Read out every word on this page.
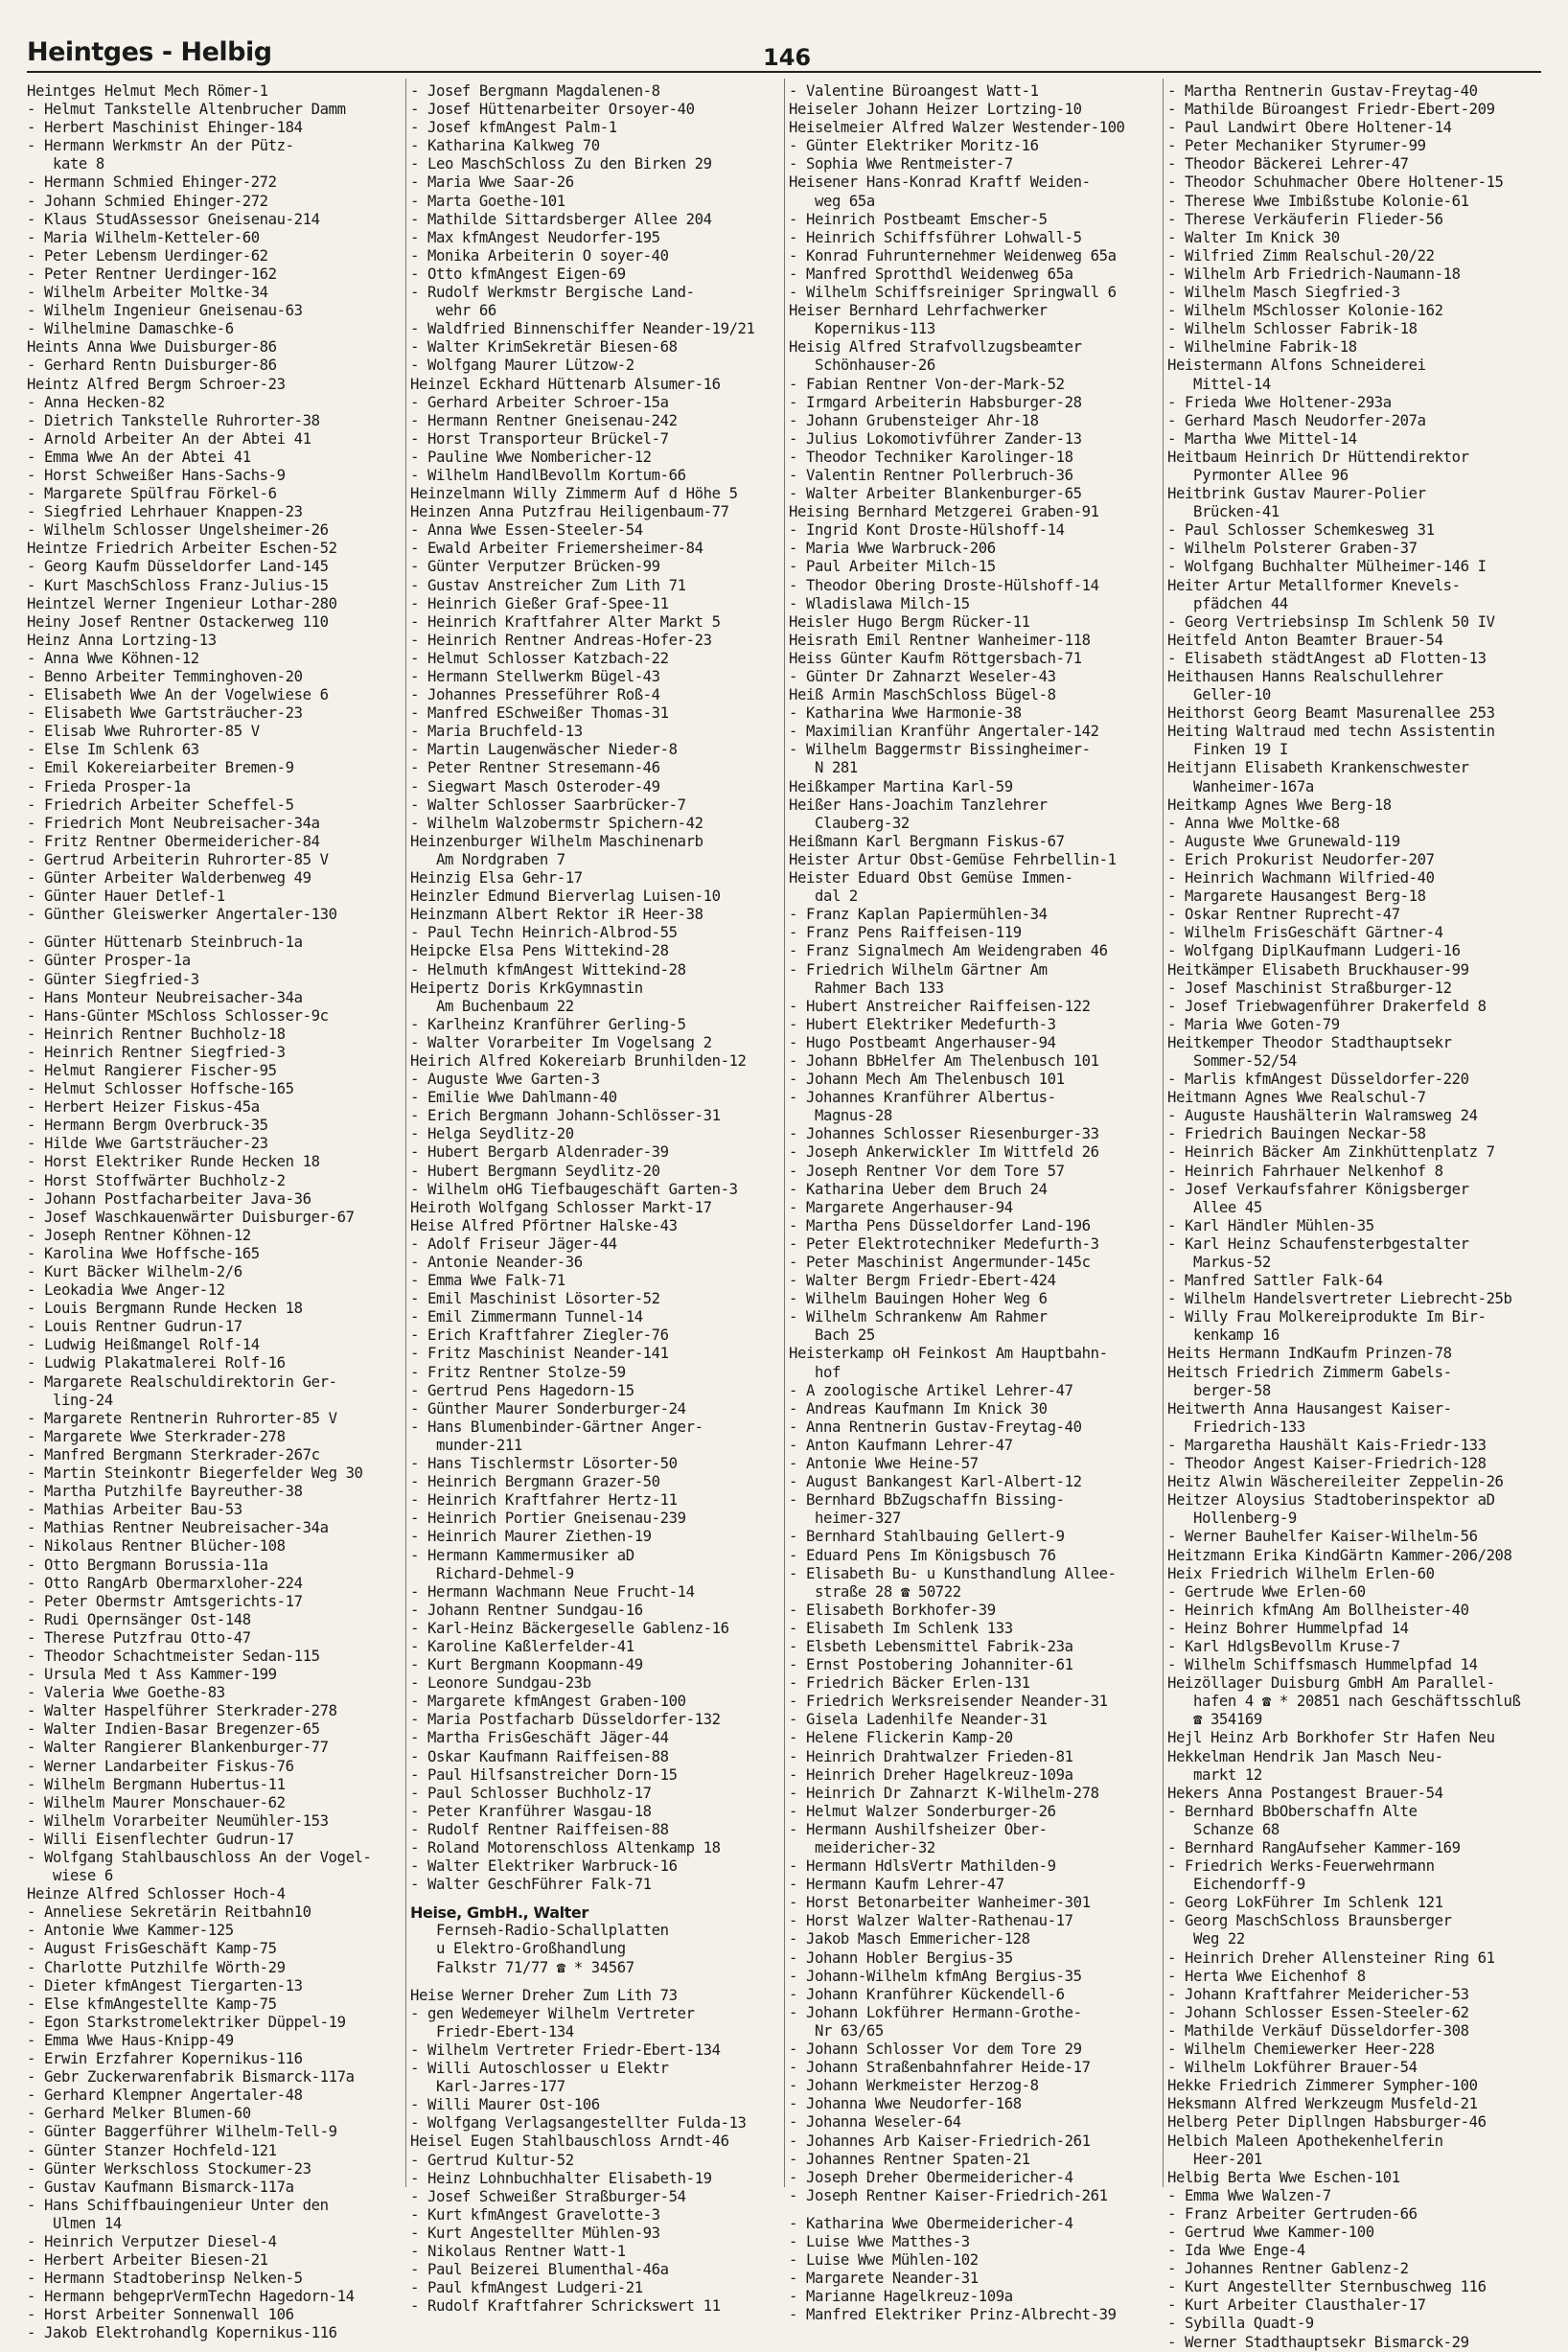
Heintges - Helbig	146
Heintges Helmut Mech Römer-1
- Helmut Tankstelle Altenbrucher Damm
- Herbert Maschinist Ehinger-184
- Hermann Werkmstr An der Pütz-
kate 8
- Hermann Schmied Ehinger-272
- Johann Schmied Ehinger-272
- Klaus StudAssessor Gneisenau-214
- Maria Wilhelm-Ketteler-60
- Peter Lebensm Uerdinger-62
- Peter Rentner Uerdinger-162
- Wilhelm Arbeiter Moltke-34
- Wilhelm Ingenieur Gneisenau-63
- Wilhelmine Damaschke-6
Heints Anna Wwe Duisburger-86
- Gerhard Rentn Duisburger-86
Heintz Alfred Bergm Schroer-23
- Anna Hecken-82
- Dietrich Tankstelle Ruhrorter-38
- Arnold Arbeiter An der Abtei 41
- Emma Wwe An der Abtei 41
- Horst Schweißer Hans-Sachs-9
- Margarete Spülfrau Förkel-6
- Siegfried Lehrhauer Knappen-23
- Wilhelm Schlosser Ungelsheimer-26
Heintze Friedrich Arbeiter Eschen-52
- Georg Kaufm Düsseldorfer Land-145
- Kurt MaschSchloss Franz-Julius-15
Heintzel Werner Ingenieur Lothar-280
Heiny Josef Rentner Ostackerweg 110
Heinz Anna Lortzing-13
- Anna Wwe Köhnen-12
- Benno Arbeiter Temminghoven-20
- Elisabeth Wwe An der Vogelwiese 6
- Elisabeth Wwe Gartsträucher-23
- Elisab Wwe Ruhrorter-85 V
- Else Im Schlenk 63
- Emil Kokereiarbeiter Bremen-9
- Frieda Prosper-1a
- Friedrich Arbeiter Scheffel-5
- Friedrich Mont Neubreisacher-34a
- Fritz Rentner Obermeidericher-84
- Gertrud Arbeiterin Ruhrorter-85 V
- Günter Arbeiter Walderbenweg 49
- Günter Hauer Detlef-1
- Günther Gleiswerker Angertaler-130
- Günter Hüttenarb Steinbruch-1a
- Günter Prosper-1a
- Günter Siegfried-3
- Hans Monteur Neubreisacher-34a
- Hans-Günter MSchloss Schlosser-9c
- Heinrich Rentner Buchholz-18
- Heinrich Rentner Siegfried-3
- Helmut Rangierer Fischer-95
- Helmut Schlosser Hoffsche-165
- Herbert Heizer Fiskus-45a
- Hermann Bergm Overbruck-35
- Hilde Wwe Gartsträucher-23
- Horst Elektriker Runde Hecken 18
- Horst Stoffwärter Buchholz-2
- Johann Postfacharbeiter Java-36
- Josef Waschkauenwärter Duisburger-67
- Joseph Rentner Köhnen-12
- Karolina Wwe Hoffsche-165
- Kurt Bäcker Wilhelm-2/6
- Leokadia Wwe Anger-12
- Louis Bergmann Runde Hecken 18
- Louis Rentner Gudrun-17
- Ludwig Heißmangel Rolf-14
- Ludwig Plakatmalerei Rolf-16
- Margarete Realschuldirektorin Ger-
ling-24
- Margarete Rentnerin Ruhrorter-85 V
- Margarete Wwe Sterkrader-278
- Manfred Bergmann Sterkrader-267c
- Martin Steinkontr Biegerfelder Weg 30
- Martha Putzhilfe Bayreuther-38
- Mathias Arbeiter Bau-53
- Mathias Rentner Neubreisacher-34a
- Nikolaus Rentner Blücher-108
- Otto Bergmann Borussia-11a
- Otto RangArb Obermarxloher-224
- Peter Obermstr Amtsgerichts-17
- Rudi Opernsänger Ost-148
- Therese Putzfrau Otto-47
- Theodor Schachtmeister Sedan-115
- Ursula Med t Ass Kammer-199
- Valeria Wwe Goethe-83
- Walter Haspelführer Sterkrader-278
- Walter Indien-Basar Bregenzer-65
- Walter Rangierer Blankenburger-77
- Werner Landarbeiter Fiskus-76
- Wilhelm Bergmann Hubertus-11
- Wilhelm Maurer Monschauer-62
- Wilhelm Vorarbeiter Neumühler-153
- Willi Eisenflechter Gudrun-17
- Wolfgang Stahlbauschloss An der Vogel-
wiese 6
Heinze Alfred Schlosser Hoch-4
- Anneliese Sekretärin Reitbahn10
- Antonie Wwe Kammer-125
- August FrisGeschäft Kamp-75
- Charlotte Putzhilfe Wörth-29
- Dieter kfmAngest Tiergarten-13
- Else kfmAngestellte Kamp-75
- Egon Starkstromelektriker Düppel-19
- Emma Wwe Haus-Knipp-49
- Erwin Erzfahrer Kopernikus-116
- Gebr Zuckerwarenfabrik Bismarck-117a
- Gerhard Klempner Angertaler-48
- Gerhard Melker Blumen-60
- Günter Baggerführer Wilhelm-Tell-9
- Günter Stanzer Hochfeld-121
- Günter Werkschloss Stockumer-23
- Gustav Kaufmann Bismarck-117a
- Hans Schiffbauingenieur Unter den
Ulmen 14
- Heinrich Verputzer Diesel-4
- Herbert Arbeiter Biesen-21
- Hermann Stadtoberinsp Nelken-5
- Hermann behgeprVermTechn Hagedorn-14
- Horst Arbeiter Sonnenwall 106
- Jakob Elektrohandlg Kopernikus-116
- Josef Bergmann Magdalenen-8
- Josef Hüttenarbeiter Orsoyer-40
- Josef kfmAngest Palm-1
- Katharina Kalkweg 70
- Leo MaschSchloss Zu den Birken 29
- Maria Wwe Saar-26
- Marta Goethe-101
- Mathilde Sittardsberger Allee 204
- Max kfmAngest Neudorfer-195
- Monika Arbeiterin O soyer-40
- Otto kfmAngest Eigen-69
- Rudolf Werkmstr Bergische Land-
wehr 66
- Waldfried Binnenschiffer Neander-19/21
- Walter KrimSekretär Biesen-68
- Wolfgang Maurer Lützow-2
Heinzel Eckhard Hüttenarb Alsumer-16
- Gerhard Arbeiter Schroer-15a
- Hermann Rentner Gneisenau-242
- Horst Transporteur Brückel-7
- Pauline Wwe Nombericher-12
- Wilhelm HandlBevollm Kortum-66
Heinzelmann Willy Zimmerm Auf d Höhe 5
Heinzen Anna Putzfrau Heiligenbaum-77
- Anna Wwe Essen-Steeler-54
- Ewald Arbeiter Friemersheimer-84
- Günter Verputzer Brücken-99
- Gustav Anstreicher Zum Lith 71
- Heinrich Gießer Graf-Spee-11
- Heinrich Kraftfahrer Alter Markt 5
- Heinrich Rentner Andreas-Hofer-23
- Helmut Schlosser Katzbach-22
- Hermann Stellwerkm Bügel-43
- Johannes Presseführer Roß-4
- Manfred ESchweißer Thomas-31
- Maria Bruchfeld-13
- Martin Laugenwäscher Nieder-8
- Peter Rentner Stresemann-46
- Siegwart Masch Osteroder-49
- Walter Schlosser Saarbrücker-7
- Wilhelm Walzobermstr Spichern-42
Heinzenburger Wilhelm Maschinenarb
Am Nordgraben 7
Heinzig Elsa Gehr-17
Heinzler Edmund Bierverlag Luisen-10
Heinzmann Albert Rektor iR Heer-38
- Paul Techn Heinrich-Albrod-55
Heipcke Elsa Pens Wittekind-28
- Helmuth kfmAngest Wittekind-28
Heipertz Doris KrkGymnastin
Am Buchenbaum 22
- Karlheinz Kranführer Gerling-5
- Walter Vorarbeiter Im Vogelsang 2
Heirich Alfred Kokereiarb Brunhilden-12
- Auguste Wwe Garten-3
- Emilie Wwe Dahlmann-40
- Erich Bergmann Johann-Schlösser-31
- Helga Seydlitz-20
- Hubert Bergarb Aldenrader-39
- Hubert Bergmann Seydlitz-20
- Wilhelm oHG Tiefbaugeschäft Garten-3
Heiroth Wolfgang Schlosser Markt-17
Heise Alfred Pförtner Halske-43
- Adolf Friseur Jäger-44
- Antonie Neander-36
- Emma Wwe Falk-71
- Emil Maschinist Lösorter-52
- Emil Zimmermann Tunnel-14
- Erich Kraftfahrer Ziegler-76
- Fritz Maschinist Neander-141
- Fritz Rentner Stolze-59
- Gertrud Pens Hagedorn-15
- Günther Maurer Sonderburger-24
- Hans Blumenbinder-Gärtner Anger-
munder-211
- Hans Tischlermstr Lösorter-50
- Heinrich Bergmann Grazer-50
- Heinrich Kraftfahrer Hertz-11
- Heinrich Portier Gneisenau-239
- Heinrich Maurer Ziethen-19
- Hermann Kammermusiker aD
Richard-Dehmel-9
- Hermann Wachmann Neue Frucht-14
- Johann Rentner Sundgau-16
- Karl-Heinz Bäckergeselle Gablenz-16
- Karoline Kaßlerfelder-41
- Kurt Bergmann Koopmann-49
- Leonore Sundgau-23b
- Margarete kfmAngest Graben-100
- Maria Postfacharb Düsseldorfer-132
- Martha FrisGeschäft Jäger-44
- Oskar Kaufmann Raiffeisen-88
- Paul Hilfsanstreicher Dorn-15
- Paul Schlosser Buchholz-17
- Peter Kranführer Wasgau-18
- Rudolf Rentner Raiffeisen-88
- Roland Motorenschloss Altenkamp 18
- Walter Elektriker Warbruck-16
- Walter GeschFührer Falk-71
Heise, GmbH., Walter
Fernseh-Radio-Schallplatten
u Elektro-Großhandlung
Falkstr 71/77 ☎ * 34567
Heise Werner Dreher Zum Lith 73
- gen Wedemeyer Wilhelm Vertreter
Friedr-Ebert-134
- Wilhelm Vertreter Friedr-Ebert-134
- Willi Autoschlosser u Elektr
Karl-Jarres-177
- Willi Maurer Ost-106
- Wolfgang Verlagsangestellter Fulda-13
Heisel Eugen Stahlbauschloss Arndt-46
- Gertrud Kultur-52
- Heinz Lohnbuchhalter Elisabeth-19
- Josef Schweißer Straßburger-54
- Kurt kfmAngest Gravelotte-3
- Kurt Angestellter Mühlen-93
- Nikolaus Rentner Watt-1
- Paul Beizerei Blumenthal-46a
- Paul kfmAngest Ludgeri-21
- Rudolf Kraftfahrer Schrickswert 11
- Valentine Büroangest Watt-1
Heiseler Johann Heizer Lortzing-10
Heiselmeier Alfred Walzer Westender-100
- Günter Elektriker Moritz-16
- Sophia Wwe Rentmeister-7
Heisener Hans-Konrad Kraftf Weiden-
weg 65a
- Heinrich Postbeamt Emscher-5
- Heinrich Schiffsführer Lohwall-5
- Konrad Fuhrunternehmer Weidenweg 65a
- Manfred Sprotthdl Weidenweg 65a
- Wilhelm Schiffsreiniger Springwall 6
Heiser Bernhard Lehrfachwerker
Kopernikus-113
Heisig Alfred Strafvollzugsbeamter
Schönhauser-26
- Fabian Rentner Von-der-Mark-52
- Irmgard Arbeiterin Habsburger-28
- Johann Grubensteiger Ahr-18
- Julius Lokomotivführer Zander-13
- Theodor Techniker Karolinger-18
- Valentin Rentner Pollerbruch-36
- Walter Arbeiter Blankenburger-65
Heising Bernhard Metzgerei Graben-91
- Ingrid Kont Droste-Hülshoff-14
- Maria Wwe Warbruck-206
- Paul Arbeiter Milch-15
- Theodor Obering Droste-Hülshoff-14
- Wladislawa Milch-15
Heisler Hugo Bergm Rücker-11
Heisrath Emil Rentner Wanheimer-118
Heiss Günter Kaufm Röttgersbach-71
- Günter Dr Zahnarzt Weseler-43
Heiß Armin MaschSchloss Bügel-8
- Katharina Wwe Harmonie-38
- Maximilian Kranführ Angertaler-142
- Wilhelm Baggermstr Bissingheimer-
N 281
Heißkamper Martina Karl-59
Heißer Hans-Joachim Tanzlehrer
Clauberg-32
Heißmann Karl Bergmann Fiskus-67
Heister Artur Obst-Gemüse Fehrbellin-1
Heister Eduard Obst Gemüse Immen-
dal 2
- Franz Kaplan Papiermühlen-34
- Franz Pens Raiffeisen-119
- Franz Signalmech Am Weidengraben 46
- Friedrich Wilhelm Gärtner Am
Rahmer Bach 133
- Hubert Anstreicher Raiffeisen-122
- Hubert Elektriker Medefurth-3
- Hugo Postbeamt Angerhauser-94
- Johann BbHelfer Am Thelenbusch 101
- Johann Mech Am Thelenbusch 101
- Johannes Kranführer Albertus-
Magnus-28
- Johannes Schlosser Riesenburger-33
- Joseph Ankerwickler Im Wittfeld 26
- Joseph Rentner Vor dem Tore 57
- Katharina Ueber dem Bruch 24
- Margarete Angerhauser-94
- Martha Pens Düsseldorfer Land-196
- Peter Elektrotechniker Medefurth-3
- Peter Maschinist Angermunder-145c
- Walter Bergm Friedr-Ebert-424
- Wilhelm Bauingen Hoher Weg 6
- Wilhelm Schrankenw Am Rahmer
Bach 25
Heisterkamp oH Feinkost Am Hauptbahn-
hof
- A zoologische Artikel Lehrer-47
- Andreas Kaufmann Im Knick 30
- Anna Rentnerin Gustav-Freytag-40
- Anton Kaufmann Lehrer-47
- Antonie Wwe Heine-57
- August Bankangest Karl-Albert-12
- Bernhard BbZugschaffn Bissing-
heimer-327
- Bernhard Stahlbauing Gellert-9
- Eduard Pens Im Königsbusch 76
- Elisabeth Bu- u Kunsthandlung Allee-
straße 28 ☎ 50722
- Elisabeth Borkhofer-39
- Elisabeth Im Schlenk 133
- Elsbeth Lebensmittel Fabrik-23a
- Ernst Postobering Johanniter-61
- Friedrich Bäcker Erlen-131
- Friedrich Werksreisender Neander-31
- Gisela Ladenhilfe Neander-31
- Helene Flickerin Kamp-20
- Heinrich Drahtwalzer Frieden-81
- Heinrich Dreher Hagelkreuz-109a
- Heinrich Dr Zahnarzt K-Wilhelm-278
- Helmut Walzer Sonderburger-26
- Hermann Aushilfsheizer Ober-
meidericher-32
- Hermann HdlsVertr Mathilden-9
- Hermann Kaufm Lehrer-47
- Horst Betonarbeiter Wanheimer-301
- Horst Walzer Walter-Rathenau-17
- Jakob Masch Emmericher-128
- Johann Hobler Bergius-35
- Johann-Wilhelm kfmAng Bergius-35
- Johann Kranführer Kückendell-6
- Johann Lokführer Hermann-Grothe-
Nr 63/65
- Johann Schlosser Vor dem Tore 29
- Johann Straßenbahnfahrer Heide-17
- Johann Werkmeister Herzog-8
- Johanna Wwe Neudorfer-168
- Johanna Weseler-64
- Johannes Arb Kaiser-Friedrich-261
- Johannes Rentner Spaten-21
- Joseph Dreher Obermeidericher-4
- Joseph Rentner Kaiser-Friedrich-261
- Katharina Wwe Obermeidericher-4
- Luise Wwe Matthes-3
- Luise Wwe Mühlen-102
- Margarete Neander-31
- Marianne Hagelkreuz-109a
- Manfred Elektriker Prinz-Albrecht-39
- Martha Rentnerin Gustav-Freytag-40
- Mathilde Büroangest Friedr-Ebert-209
- Paul Landwirt Obere Holtener-14
- Peter Mechaniker Styrumer-99
- Theodor Bäckerei Lehrer-47
- Theodor Schuhmacher Obere Holtener-15
- Therese Wwe Imbißstube Kolonie-61
- Therese Verkäuferin Flieder-56
- Walter Im Knick 30
- Wilfried Zimm Realschul-20/22
- Wilhelm Arb Friedrich-Naumann-18
- Wilhelm Masch Siegfried-3
- Wilhelm MSchlosser Kolonie-162
- Wilhelm Schlosser Fabrik-18
- Wilhelmine Fabrik-18
Heistermann Alfons Schneiderei
Mittel-14
- Frieda Wwe Holtener-293a
- Gerhard Masch Neudorfer-207a
- Martha Wwe Mittel-14
Heitbaum Heinrich Dr Hüttendirektor
Pyrmonter Allee 96
Heitbrink Gustav Maurer-Polier
Brücken-41
- Paul Schlosser Schemkesweg 31
- Wilhelm Polsterer Graben-37
- Wolfgang Buchhalter Mülheimer-146 I
Heiter Artur Metallformer Knevels-
pfädchen 44
- Georg Vertriebsinsp Im Schlenk 50 IV
Heitfeld Anton Beamter Brauer-54
- Elisabeth städtAngest aD Flotten-13
Heithausen Hanns Realschullehrer
Geller-10
Heithorst Georg Beamt Masurenallee 253
Heiting Waltraud med techn Assistentin
Finken 19 I
Heitjann Elisabeth Krankenschwester
Wanheimer-167a
Heitkamp Agnes Wwe Berg-18
- Anna Wwe Moltke-68
- Auguste Wwe Grunewald-119
- Erich Prokurist Neudorfer-207
- Heinrich Wachmann Wilfried-40
- Margarete Hausangest Berg-18
- Oskar Rentner Ruprecht-47
- Wilhelm FrisGeschäft Gärtner-4
- Wolfgang DiplKaufmann Ludgeri-16
Heitkämper Elisabeth Bruckhauser-99
- Josef Maschinist Straßburger-12
- Josef Triebwagenführer Drakerfeld 8
- Maria Wwe Goten-79
Heitkemper Theodor Stadthauptsekr
Sommer-52/54
- Marlis kfmAngest Düsseldorfer-220
Heitmann Agnes Wwe Realschul-7
- Auguste Haushälterin Walramsweg 24
- Friedrich Bauingen Neckar-58
- Heinrich Bäcker Am Zinkhüttenplatz 7
- Heinrich Fahrhauer Nelkenhof 8
- Josef Verkaufsfahrer Königsberger
Allee 45
- Karl Händler Mühlen-35
- Karl Heinz Schaufensterbgestalter
Markus-52
- Manfred Sattler Falk-64
- Wilhelm Handelsvertreter Liebrecht-25b
- Willy Frau Molkereiprodukte Im Bir-
kenkamp 16
Heits Hermann IndKaufm Prinzen-78
Heitsch Friedrich Zimmerm Gabels-
berger-58
Heitwerth Anna Hausangest Kaiser-
Friedrich-133
- Margaretha Haushält Kais-Friedr-133
- Theodor Angest Kaiser-Friedrich-128
Heitz Alwin Wäschereileiter Zeppelin-26
Heitzer Aloysius Stadtoberinspektor aD
Hollenberg-9
- Werner Bauhelfer Kaiser-Wilhelm-56
Heitzmann Erika KindGärtn Kammer-206/208
Heix Friedrich Wilhelm Erlen-60
- Gertrude Wwe Erlen-60
- Heinrich kfmAng Am Bollheister-40
- Heinz Bohrer Hummelpfad 14
- Karl HdlgsBevollm Kruse-7
- Wilhelm Schiffsmasch Hummelpfad 14
Heizöllager Duisburg GmbH Am Parallel-
hafen 4 ☎ * 20851 nach Geschäftsschluß
☎ 354169
Hejl Heinz Arb Borkhofer Str Hafen Neu
Hekkelman Hendrik Jan Masch Neu-
markt 12
Hekers Anna Postangest Brauer-54
- Bernhard BbOberschaffn Alte
Schanze 68
- Bernhard RangAufseher Kammer-169
- Friedrich Werks-Feuerwehrmann
Eichendorff-9
- Georg LokFührer Im Schlenk 121
- Georg MaschSchloss Braunsberger
Weg 22
- Heinrich Dreher Allensteiner Ring 61
- Herta Wwe Eichenhof 8
- Johann Kraftfahrer Meidericher-53
- Johann Schlosser Essen-Steeler-62
- Mathilde Verkäuf Düsseldorfer-308
- Wilhelm Chemiewerker Heer-228
- Wilhelm Lokführer Brauer-54
Hekke Friedrich Zimmerer Sympher-100
Heksmann Alfred Werkzeugm Musfeld-21
Helberg Peter Dipllngen Habsburger-46
Helbich Maleen Apothekenhelferin
Heer-201
Helbig Berta Wwe Eschen-101
- Emma Wwe Walzen-7
- Franz Arbeiter Gertruden-66
- Gertrud Wwe Kammer-100
- Ida Wwe Enge-4
- Johannes Rentner Gablenz-2
- Kurt Angestellter Sternbuschweg 116
- Kurt Arbeiter Clausthaler-17
- Sybilla Quadt-9
- Werner Stadthauptsekr Bismarck-29
